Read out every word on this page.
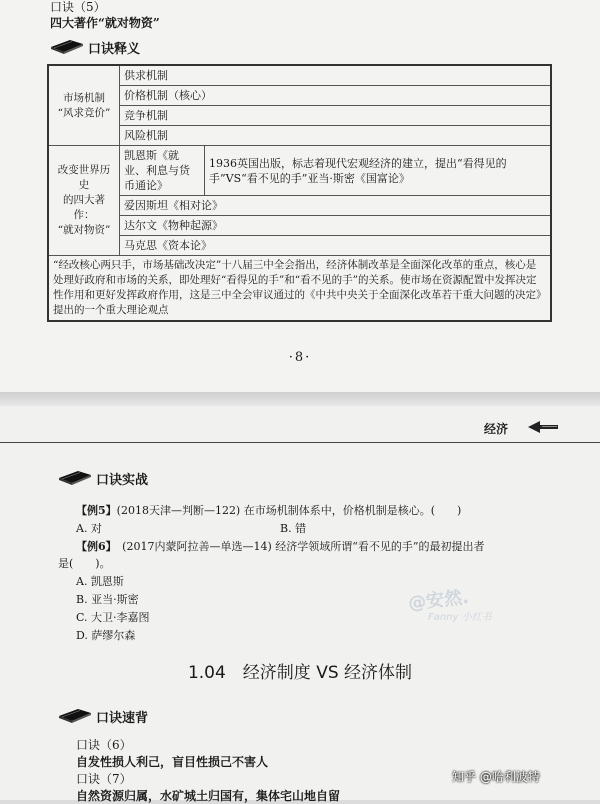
口诀（5）
四大著作“就对物资”
口诀释义
市场机制
“风求竞价”	供求机制	
	价格机制（核心）	
	竞争机制	
	风险机制	

改变世界历史
的四大著作：
“就对物资”	凯恩斯《就业、利息与货币通论》	1936英国出版，标志着现代宏观经济的建立，提出“看得见的手”VS“看不见的手”亚当·斯密《国富论》
	爱因斯坦《相对论》	
	达尔文《物种起源》	
	马克思《资本论》	
“经改核心两只手，市场基础改决定”十八届三中全会指出，经济体制改革是全面深化改革的重点，核心是处理好政府和市场的关系，即处理好“看得见的手”和“看不见的手”的关系。使市场在资源配置中发挥决定性作用和更好发挥政府作用，这是三中全会审议通过的《中共中央关于全面深化改革若干重大问题的决定》提出的一个重大理论观点		
·8·
经济
口诀实战
【例5】(2018天津—判断—122) 在市场机制体系中，价格机制是核心。(　　)
A. 对	B. 错
【例6】　 (2017内蒙阿拉善—单选—14) 经济学领域所谓“看不见的手”的最初提出者
是(　　)。
A. 凯恩斯
B. 亚当·斯密
C. 大卫·李嘉图
D. 萨缪尔森
1.04　经济制度 VS 经济体制
口诀速背
口诀（6）
自发性损人利己，盲目性损己不害人
口诀（7）
自然资源归属，水矿城土归国有，集体宅山地自留
@安然.
Fanny 小红书
知乎 @哈利波特
